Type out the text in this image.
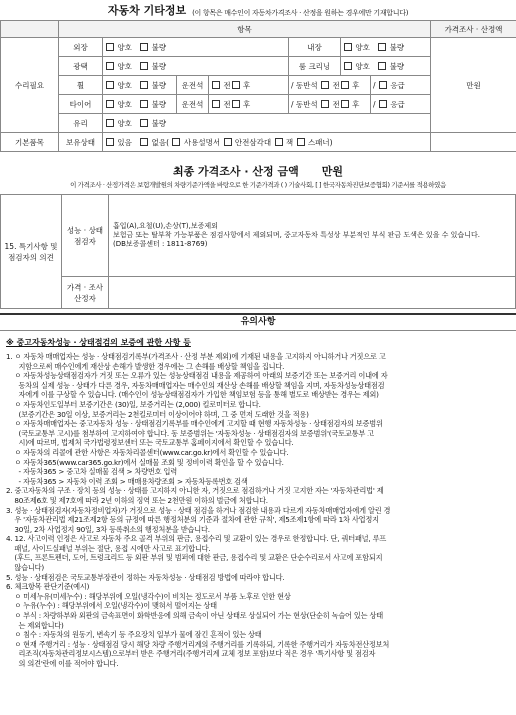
자동차 기타정보 (이 항목은 매수인이 자동차가격조사 · 산정을 원하는 경우에만 기재합니다)
	항목							가격조사 · 산정액
수리필요	외장	양호 불량			내장	양호 불량		만원
	광택	양호 불량			룸 크리닝	양호 불량		
	휠	양호 불량	운전석	전 후	/ 동반석 전 후		/ 응급	
	타이어	양호 불량	운전석	전 후	/ 동반석 전 후		/ 응급	
	유리	양호 불량						
기본품목	보유상태	있음 없음( 사용설명서 안전삼각대 잭 스패너)						
최종 가격조사 · 산정 금액 만원
이 가격조사 · 산정가격은 보험개발원의 차량기준가액을 바탕으로 한 기준가격과 ( ) 기술사회, [ ] 한국자동차진단보증협회) 기준서를 적용하였음
15. 특기사항 및 점검자의 의견	성능 · 상태 점검자	흡입(A),요철(U),손상(T),보증제외
보험금 또는 탈부착 가능부품은 점검사항에서 제외되며, 중고자동차 특성상 부분적인 부식 판금 도색은 있을 수 있습니다.
(DB보증콜센터 : 1811-8769)

	가격 · 조사 산정자	
유의사항
※ 중고자동차성능 · 상태점검의 보증에 관한 사항 등
1. ㅇ 자동차 매매업자는 성능 · 상태점검기록부(가격조사 · 산정 부분 제외)에 기재된 내용을 고지하지 아니하거나 거짓으로 고
지함으로써 매수인에게 재산상 손해가 발생한 경우에는 그 손해를 배상할 책임을 집니다.
ㅇ 자동차성능상태점검자가 거짓 또는 오류가 있는 성능상태점검 내용을 제공하여 아래의 보증기간 또는 보증거리 이내에 자
동차의 실제 성능 · 상태가 다른 경우, 자동차매매업자는 매수인의 재산상 손해를 배상할 책임을 지며, 자동차성능상태점검
자에게 이를 구상할 수 있습니다. (매수인이 성능상태점검자가 가입한 책임보험 등을 통해 별도로 배상받는 경우는 제외)
ㅇ 자동차인도일부터 보증기간은 (30)일, 보증거리는 (2,000) 킬로미터로 합니다.
(보증기간은 30일 이상, 보증거리는 2천킬로미터 이상이어야 하며, 그 중 먼저 도래한 것을 적용)
ㅇ 자동차매매업자는 중고자동차 성능 · 상태점검기록부를 매수인에게 고지할 때 현행 자동차성능 · 상태점검자의 보증범위
(국토교통부 고시)를 첨부하여 고지하여야 합니다. 동 보증범위는 '자동차성능 · 상태점검자의 보증범위'(국토교통부 고
시)에 따르며, 법제처 국가법령정보센터 또는 국토교통부 홈페이지에서 확인할 수 있습니다.
ㅇ 자동차의 리콜에 관한 사항은 자동차리콜센터(www.car.go.kr)에서 확인할 수 있습니다.
ㅇ 자동차365(www.car365.go.kr)에서 실매물 조회 및 정비이력 확인을 할 수 있습니다.
- 자동차365 > 중고차 실매물 검색 > 차량번호 입력
- 자동차365 > 자동차 이력 조회 > 매매용차량조회 > 자동차등록번호 검색
2. 중고자동차의 구조 · 장치 등의 성능 · 상태를 고지하지 아니한 자, 거짓으로 점검하거나 거짓 고지한 자는 '자동차관리법' 제
80조제6호 및 제7호에 따라 2년 이하의 징역 또는 2천만원 이하의 벌금에 처합니다.
3. 성능 · 상태점검자(자동차정비업자)가 거짓으로 성능 · 상태 점검을 하거나 점검한 내용과 다르게 자동차매매업자에게 알린 경
우 '자동차관리법 제21조제2항 등의 규정에 따른 행정처분의 기준과 절차에 관한 규칙', 제5조제1항에 따라 1차 사업정지
30일, 2차 사업정지 90일, 3차 등록취소의 행정처분을 받습니다.
4. 12. 사고이력 인정은 사고로 자동차 주요 골격 부위의 판금, 용접수리 및 교환이 있는 경우로 한정합니다. 단, 쿼터패널, 루프
패널, 사이드실패널 부위는 절단, 용접 시에만 사고로 표기합니다.
(후드, 프론트펜더, 도어, 트렁크리드 등 외판 부위 및 범퍼에 대한 판금, 용접수리 및 교환은 단순수리로서 사고에 포함되지
않습니다)
5. 성능 · 상태점검은 국토교통부장관이 정하는 자동차성능 · 상태점검 방법에 따라야 합니다.
6. 체크항목 판단기준(예시)
ㅇ 미세누유(미세누수) : 해당부위에 오일(냉각수)이 비치는 정도로서 부품 노후로 인한 현상
ㅇ 누유(누수) : 해당부위에서 오일(냉각수)이 맺혀서 떨어지는 상태
ㅇ 부식 : 차량하부와 외판의 금속표면이 화학반응에 의해 금속이 아닌 상태로 상실되어 가는 현상(단순히 녹슬어 있는 상태
는 제외합니다)
ㅇ 침수 : 자동차의 원동기, 변속기 등 주요장치 일부가 물에 잠긴 흔적이 있는 상태
ㅇ 현재 주행거리 : 성능 · 상태점검 당시 해당 차량 주행거리계의 주행거리를 기록하되, 기록한 주행거리가 자동차전산정보처
리조직(자동차관리정보시스템)으로부터 받은 주행거리(주행거리계 교체 정보 포함)보다 적은 경우 '특기사항 및 점검자
의 의견'란에 이를 적어야 합니다.
